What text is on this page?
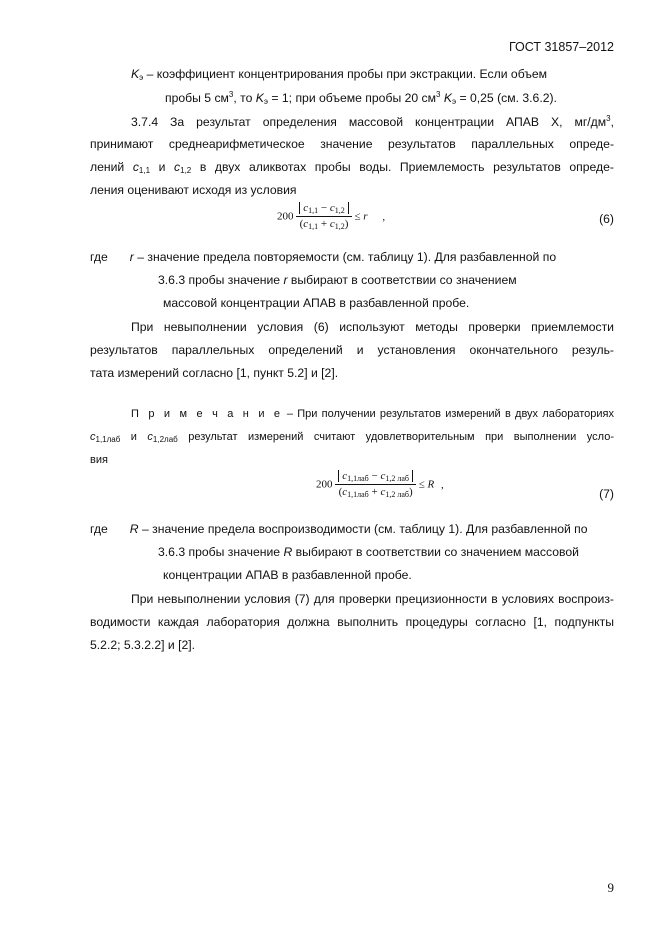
ГОСТ 31857–2012
$K_э$ – коэффициент концентрирования пробы при экстракции. Если объем
пробы 5 $см^3$, то $K_э = 1$; при объеме пробы 20 $см^3$ $K_э = 0,25$ (см. 3.6.2).
3.7.4 За результат определения массовой концентрации АПАВ X, $мг/дм^3$,
принимают среднеарифметическое значение результатов параллельных опреде-
лений $c_{1,1}$ и $c_{1,2}$ в двух аликвотах пробы воды. Приемлемость результатов опреде-
ления оценивают исходя из условия
$200 \frac{c_{1,1} - c_{1,2}}{(c_{1,1} + c_{1,2})} \le r$ ,	(6)
где r – значение предела повторяемости (см. таблицу 1). Для разбавленной по
3.6.3 пробы значение r выбирают в соответствии со значением
массовой концентрации АПАВ в разбавленной пробе.
При невыполнении условия (6) используют методы проверки приемлемости
результатов параллельных определений и установления окончательного резуль-
тата измерений согласно [1, пункт 5.2] и [2].
П р и м е ч а н и е – При получении результатов измерений в двух лабораториях
$c_{1,1лаб}$ и $c_{1,2лаб}$ результат измерений считают удовлетворительным при выполнении усло-
вия
$200 \frac{c_{1,1лаб} - c_{1,2 лаб}}{(c_{1,1лаб} + c_{1,2 лаб})} \le R$ ,
(7)
где R – значение предела воспроизводимости (см. таблицу 1). Для разбавленной по
3.6.3 пробы значение R выбирают в соответствии со значением массовой
концентрации АПАВ в разбавленной пробе.
При невыполнении условия (7) для проверки прецизионности в условиях воспроиз-
водимости каждая лаборатория должна выполнить процедуры согласно [1, подпункты
5.2.2; 5.3.2.2] и [2].
9
